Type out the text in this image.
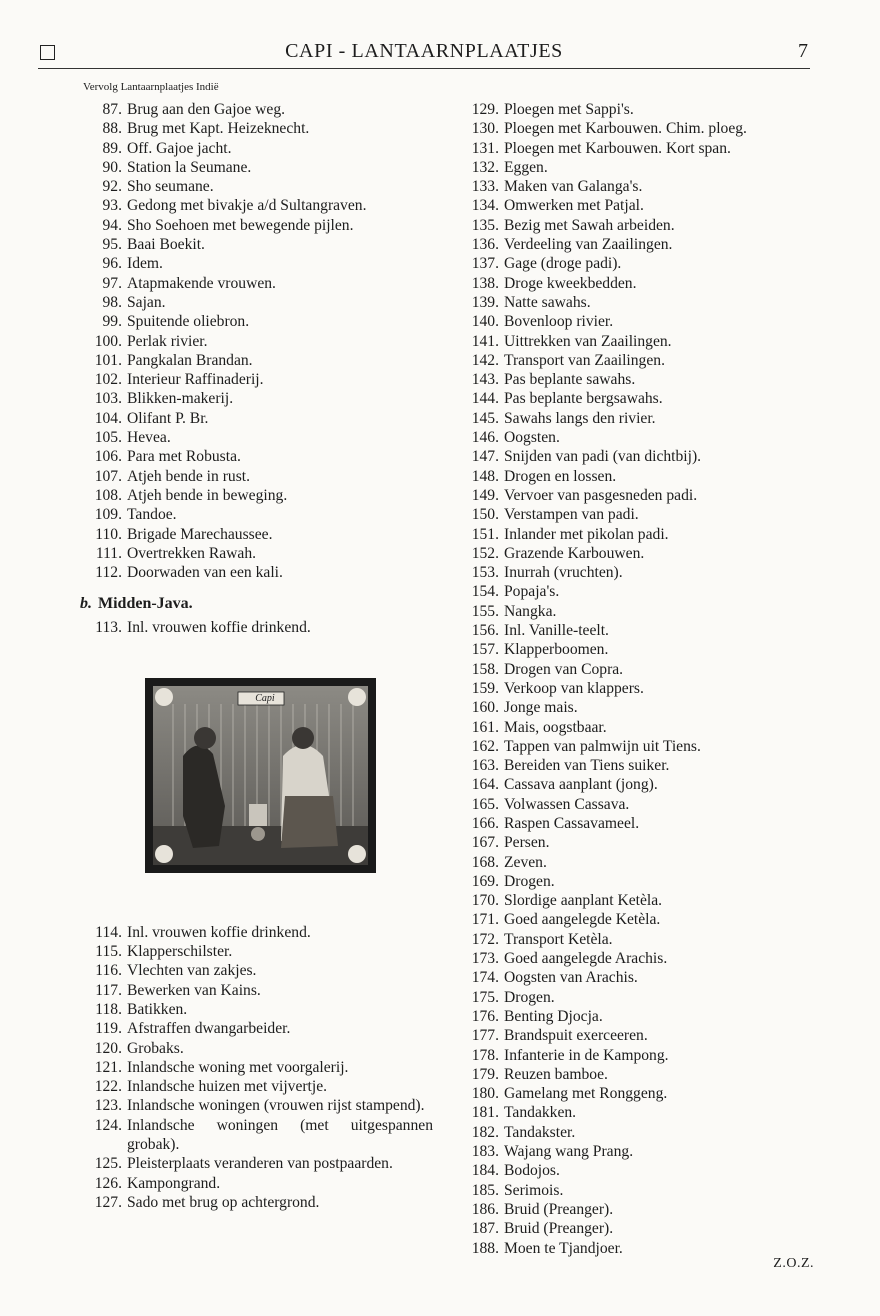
CAPI - LANTAARNPLAATJES	7
Vervolg Lantaarnplaatjes Indië
87. Brug aan den Gajoe weg.
88. Brug met Kapt. Heizeknecht.
89. Off. Gajoe jacht.
90. Station la Seumane.
92. Sho seumane.
93. Gedong met bivakje a/d Sultangraven.
94. Sho Soehoen met bewegende pijlen.
95. Baai Boekit.
96. Idem.
97. Atapmakende vrouwen.
98. Sajan.
99. Spuitende oliebron.
100. Perlak rivier.
101. Pangkalan Brandan.
102. Interieur Raffinaderij.
103. Blikken-makerij.
104. Olifant P. Br.
105. Hevea.
106. Para met Robusta.
107. Atjeh bende in rust.
108. Atjeh bende in beweging.
109. Tandoe.
110. Brigade Marechaussee.
111. Overtrekken Rawah.
112. Doorwaden van een kali.
b. Midden-Java.
113. Inl. vrouwen koffie drinkend.
Capi
114. Inl. vrouwen koffie drinkend.
115. Klapperschilster.
116. Vlechten van zakjes.
117. Bewerken van Kains.
118. Batikken.
119. Afstraffen dwangarbeider.
120. Grobaks.
121. Inlandsche woning met voorgalerij.
122. Inlandsche huizen met vijvertje.
123. Inlandsche woningen (vrouwen rijst stampend).
124. Inlandsche woningen (met uitgespannen grobak).
125. Pleisterplaats veranderen van postpaarden.
126. Kampongrand.
127. Sado met brug op achtergrond.
129. Ploegen met Sappi's.
130. Ploegen met Karbouwen. Chim. ploeg.
131. Ploegen met Karbouwen. Kort span.
132. Eggen.
133. Maken van Galanga's.
134. Omwerken met Patjal.
135. Bezig met Sawah arbeiden.
136. Verdeeling van Zaailingen.
137. Gage (droge padi).
138. Droge kweekbedden.
139. Natte sawahs.
140. Bovenloop rivier.
141. Uittrekken van Zaailingen.
142. Transport van Zaailingen.
143. Pas beplante sawahs.
144. Pas beplante bergsawahs.
145. Sawahs langs den rivier.
146. Oogsten.
147. Snijden van padi (van dichtbij).
148. Drogen en lossen.
149. Vervoer van pasgesneden padi.
150. Verstampen van padi.
151. Inlander met pikolan padi.
152. Grazende Karbouwen.
153. Inurrah (vruchten).
154. Popaja's.
155. Nangka.
156. Inl. Vanille-teelt.
157. Klapperboomen.
158. Drogen van Copra.
159. Verkoop van klappers.
160. Jonge mais.
161. Mais, oogstbaar.
162. Tappen van palmwijn uit Tiens.
163. Bereiden van Tiens suiker.
164. Cassava aanplant (jong).
165. Volwassen Cassava.
166. Raspen Cassavameel.
167. Persen.
168. Zeven.
169. Drogen.
170. Slordige aanplant Ketèla.
171. Goed aangelegde Ketèla.
172. Transport Ketèla.
173. Goed aangelegde Arachis.
174. Oogsten van Arachis.
175. Drogen.
176. Benting Djocja.
177. Brandspuit exerceeren.
178. Infanterie in de Kampong.
179. Reuzen bamboe.
180. Gamelang met Ronggeng.
181. Tandakken.
182. Tandakster.
183. Wajang wang Prang.
184. Bodojos.
185. Serimois.
186. Bruid (Preanger).
187. Bruid (Preanger).
188. Moen te Tjandjoer.
Z.O.Z.
